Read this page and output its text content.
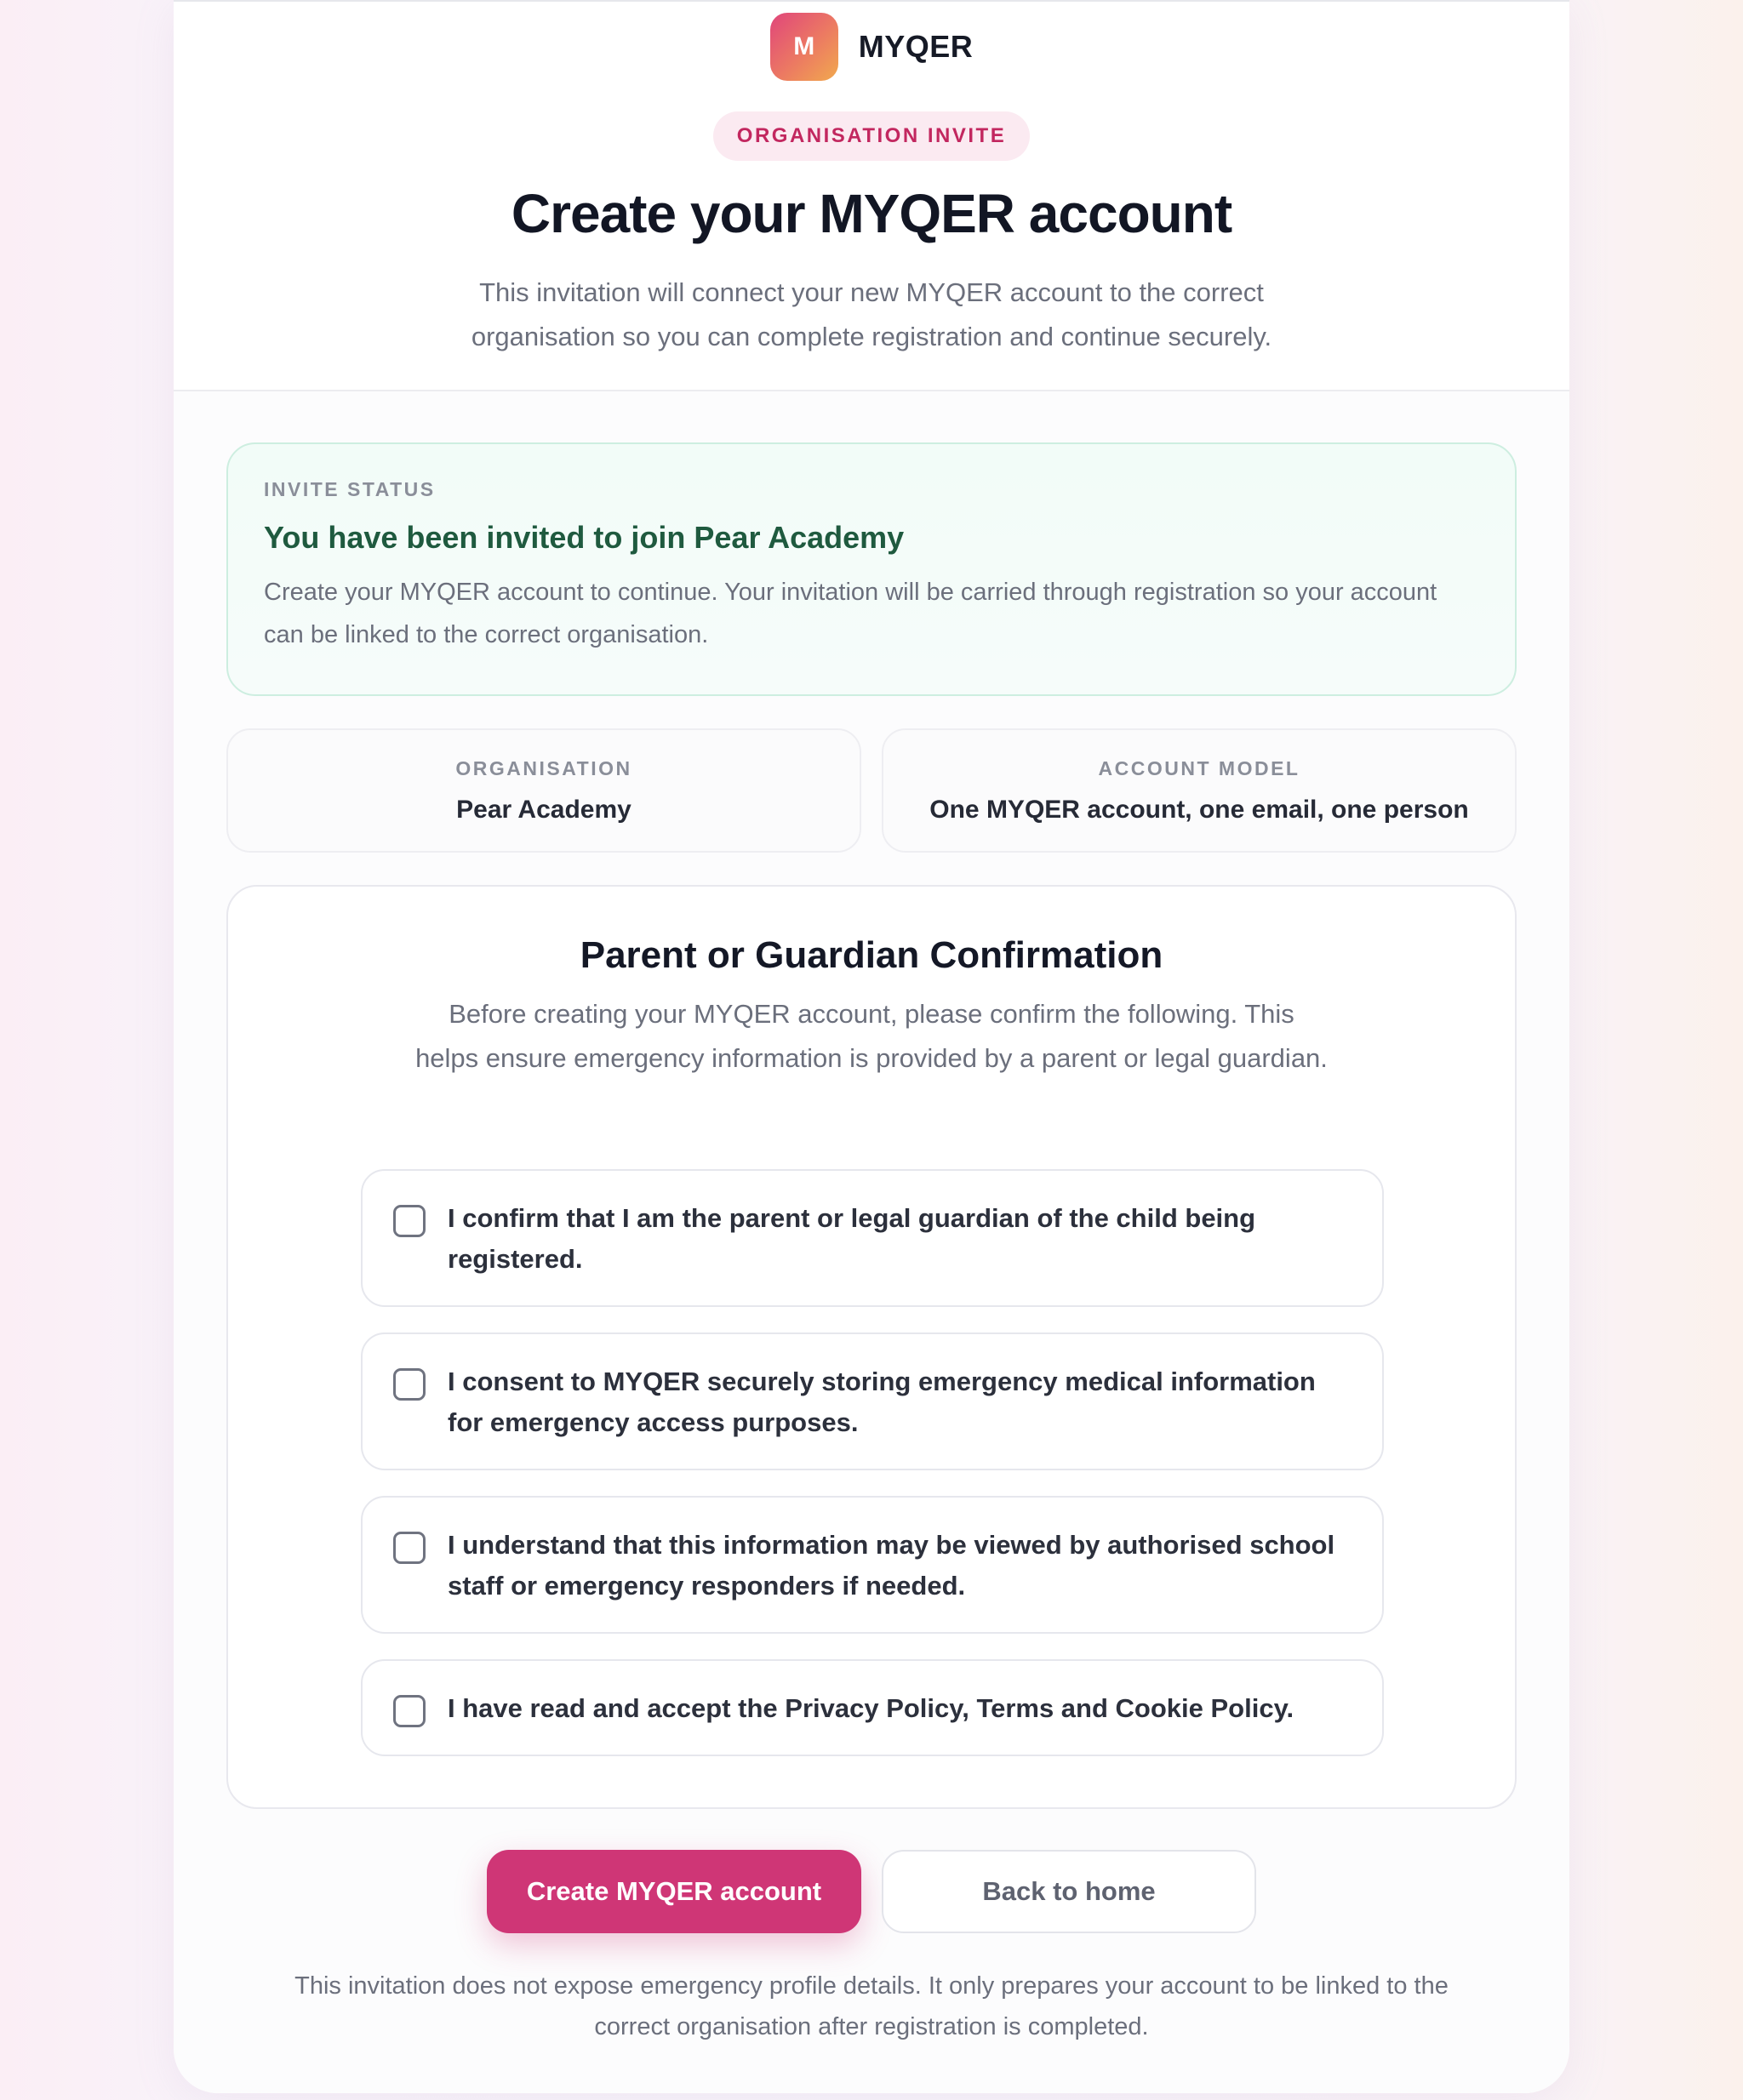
M	MYQER
ORGANISATION INVITE
Create your MYQER account

This invitation will connect your new MYQER account to the correct organisation so you can complete registration and continue securely.

INVITE STATUS
You have been invited to join Pear Academy
Create your MYQER account to continue. Your invitation will be carried through registration so your account can be linked to the correct organisation.
ORGANISATION
Pear Academy
ACCOUNT MODEL
One MYQER account, one email, one person
Parent or Guardian Confirmation

Before creating your MYQER account, please confirm the following. This helps ensure emergency information is provided by a parent or legal guardian.

I confirm that I am the parent or legal guardian of the child being registered.
I consent to MYQER securely storing emergency medical information for emergency access purposes.
I understand that this information may be viewed by authorised school staff or emergency responders if needed.
I have read and accept the Privacy Policy, Terms and Cookie Policy.
Create MYQER account	Back to home

This invitation does not expose emergency profile details. It only prepares your account to be linked to the correct organisation after registration is completed.
